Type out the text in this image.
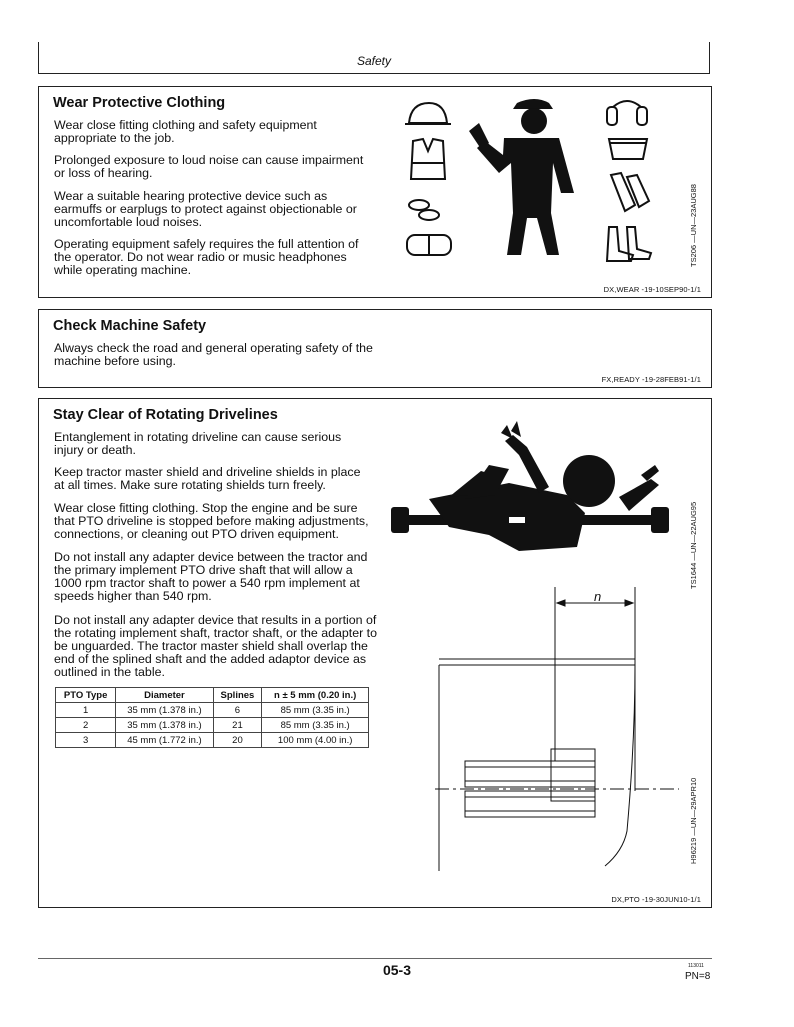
Safety
Wear Protective Clothing

Wear close fitting clothing and safety equipment appropriate to the job.

Prolonged exposure to loud noise can cause impairment or loss of hearing.

Wear a suitable hearing protective device such as earmuffs or earplugs to protect against objectionable or uncomfortable loud noises.

Operating equipment safely requires the full attention of the operator. Do not wear radio or music headphones while operating machine.

TS206 —UN—23AUG88
DX,WEAR -19-10SEP90-1/1
Check Machine Safety

Always check the road and general operating safety of the machine before using.

FX,READY -19-28FEB91-1/1
Stay Clear of Rotating Drivelines

Entanglement in rotating driveline can cause serious injury or death.

Keep tractor master shield and driveline shields in place at all times. Make sure rotating shields turn freely.

Wear close fitting clothing. Stop the engine and be sure that PTO driveline is stopped before making adjustments, connections, or cleaning out PTO driven equipment.

Do not install any adapter device between the tractor and the primary implement PTO drive shaft that will allow a 1000 rpm tractor shaft to power a 540 rpm implement at speeds higher than 540 rpm.

Do not install any adapter device that results in a portion of the rotating implement shaft, tractor shaft, or the adapter to be unguarded. The tractor master shield shall overlap the end of the splined shaft and the added adaptor device as outlined in the table.

PTO Type	Diameter	Splines	n ± 5 mm (0.20 in.)
1	35 mm (1.378 in.)	6	85 mm (3.35 in.)
2	35 mm (1.378 in.)	21	85 mm (3.35 in.)
3	45 mm (1.772 in.)	20	100 mm (4.00 in.)
TS1644 —UN—22AUG95
n
H96219 —UN—29APR10
DX,PTO -19-30JUN10-1/1
05-3	113011
PN=8
